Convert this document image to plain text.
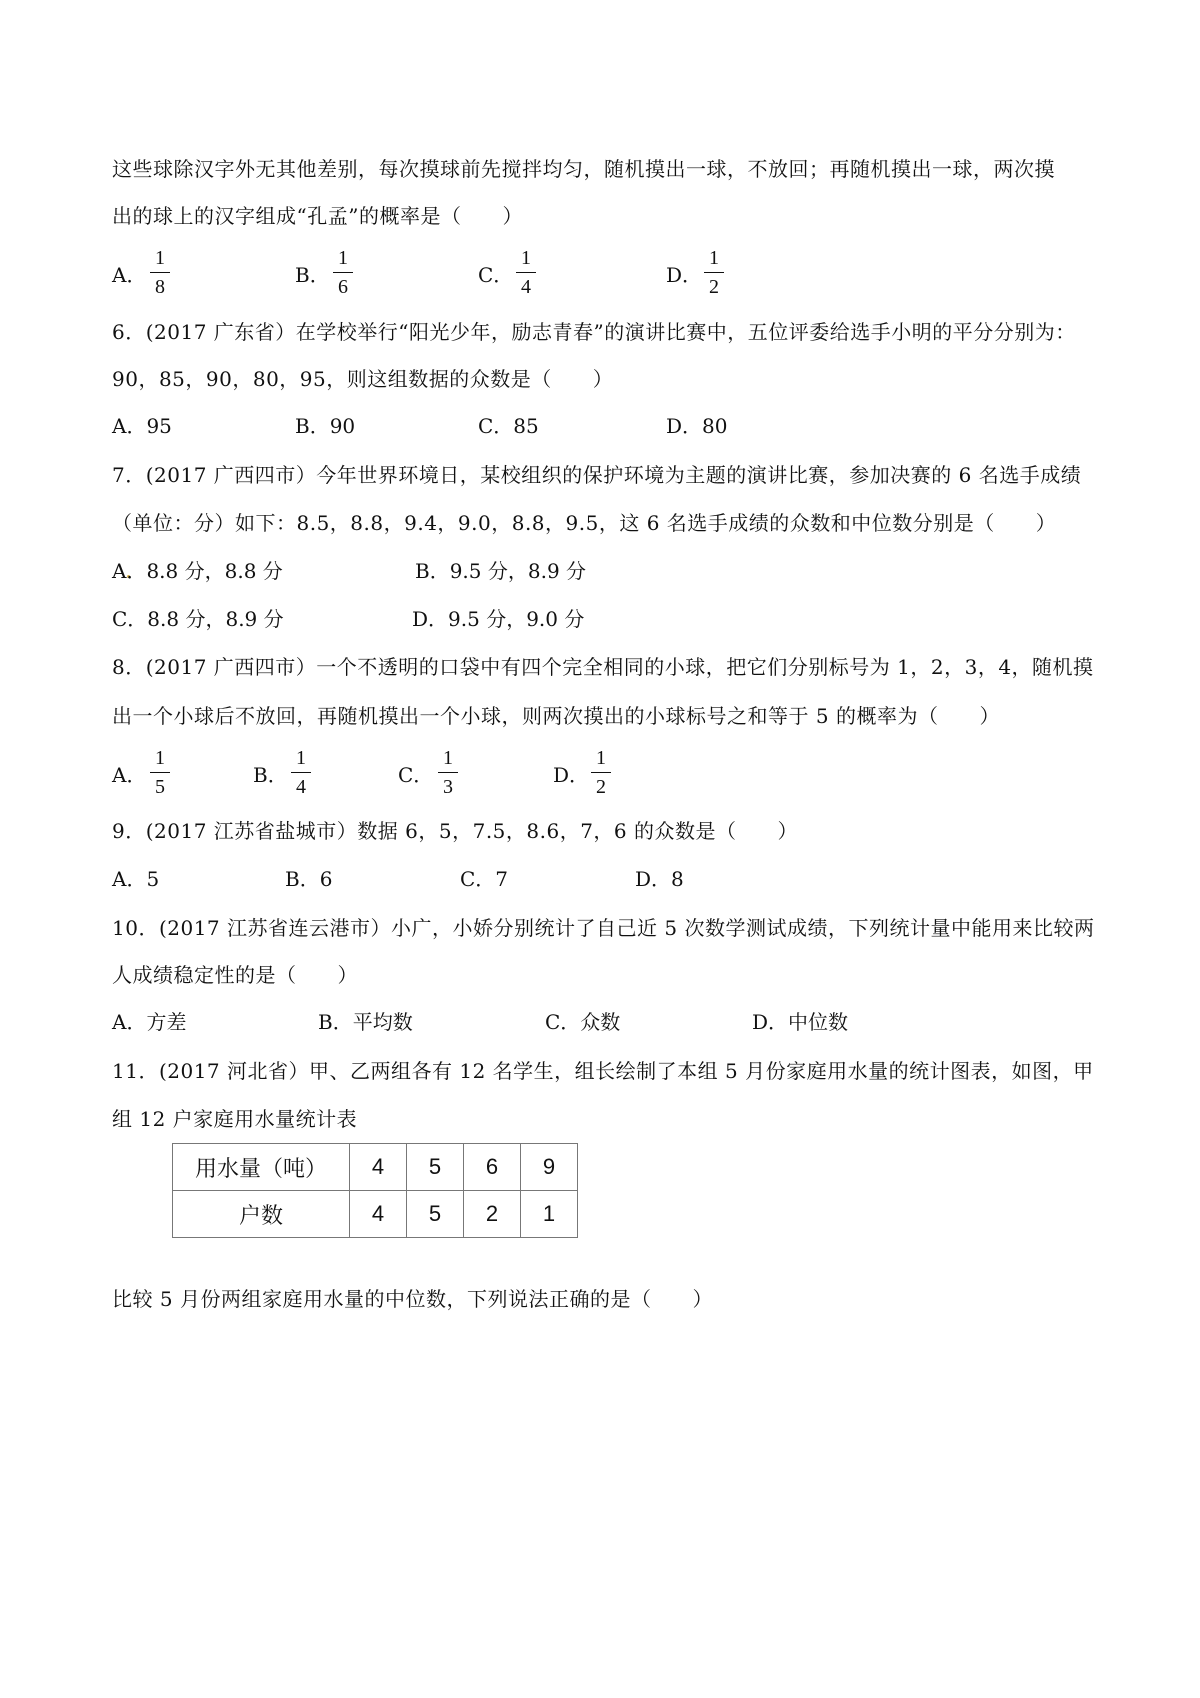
这些球除汉字外无其他差别，每次摸球前先搅拌均匀，随机摸出一球，不放回；再随机摸出一球，两次摸
出的球上的汉字组成“孔孟”的概率是（　　）
A．
1
8	B．
1
6	C．
1
4	D．
1
2
6．(2017 广东省）在学校举行“阳光少年，励志青春”的演讲比赛中，五位评委给选手小明的平分分别为：
90，85，90，80，95，则这组数据的众数是（　　）
A．95	B．90	C．85	D．80
7．(2017 广西四市）今年世界环境日，某校组织的保护环境为主题的演讲比赛，参加决赛的 6 名选手成绩
（单位：分）如下：8.5，8.8，9.4，9.0，8.8，9.5，这 6 名选手成绩的众数和中位数分别是（　　）
A．8.8 分，8.8 分	B．9.5 分，8.9 分
C．8.8 分，8.9 分	D．9.5 分，9.0 分
8．(2017 广西四市）一个不透明的口袋中有四个完全相同的小球，把它们分别标号为 1，2，3，4，随机摸
出一个小球后不放回，再随机摸出一个小球，则两次摸出的小球标号之和等于 5 的概率为（　　）
A．
1
5	B．
1
4	C．
1
3	D．
1
2
9．(2017 江苏省盐城市）数据 6，5，7.5，8.6，7，6 的众数是（　　）
A．5	B．6	C．7	D．8
10．(2017 江苏省连云港市）小广，小娇分别统计了自己近 5 次数学测试成绩，下列统计量中能用来比较两
人成绩稳定性的是（　　）
A．方差	B．平均数	C．众数	D．中位数
11．(2017 河北省）甲、乙两组各有 12 名学生，组长绘制了本组 5 月份家庭用水量的统计图表，如图，甲
组 12 户家庭用水量统计表
用水量（吨）	4	5	6	9
户数	4	5	2	1
比较 5 月份两组家庭用水量的中位数，下列说法正确的是（　　）
